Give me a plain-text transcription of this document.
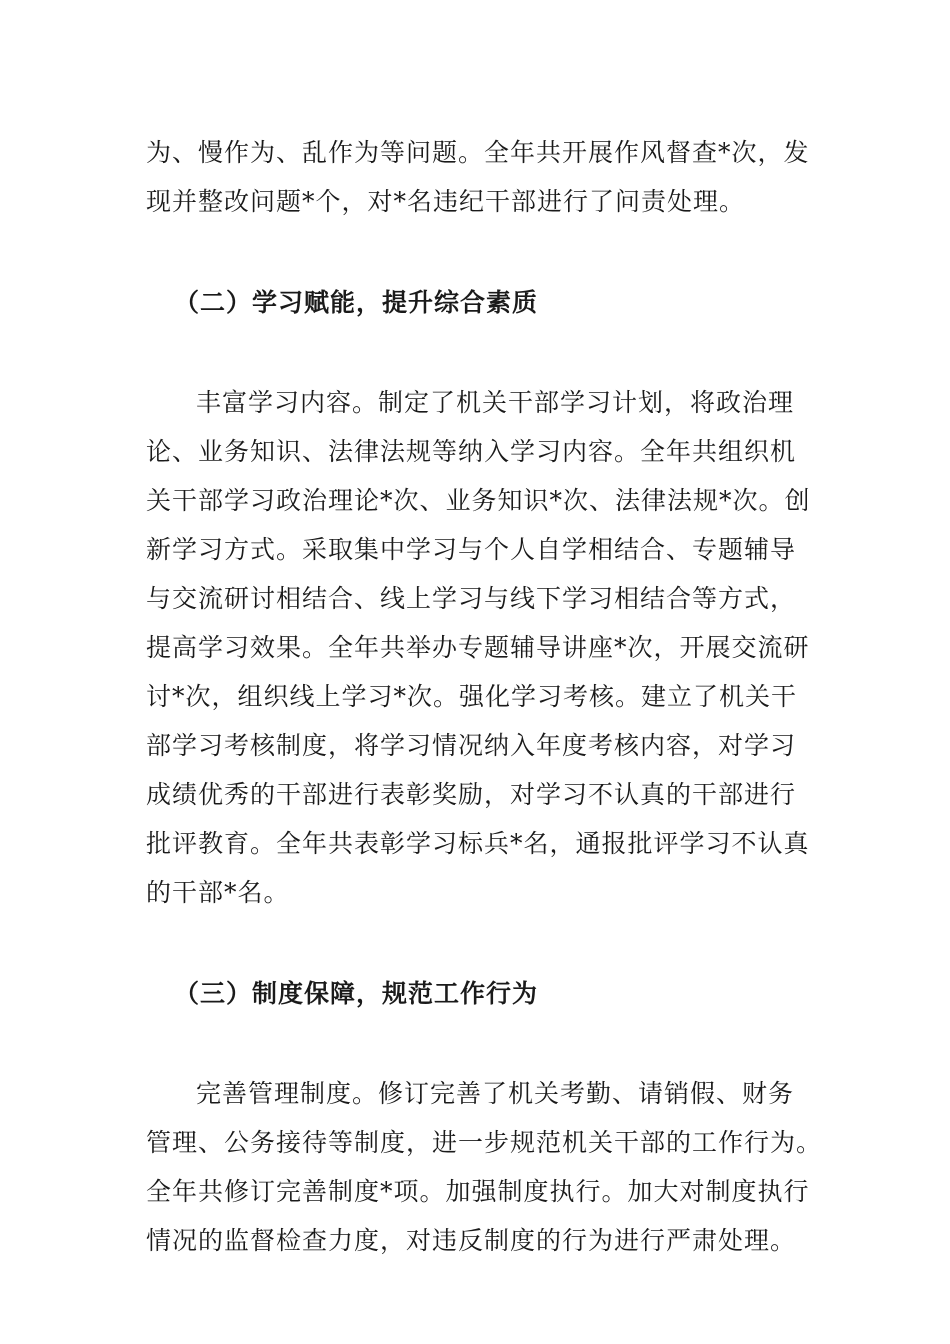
为、慢作为、乱作为等问题。全年共开展作风督查*次，发
现并整改问题*个，对*名违纪干部进行了问责处理。
（二）学习赋能，提升综合素质
丰富学习内容。制定了机关干部学习计划，将政治理
论、业务知识、法律法规等纳入学习内容。全年共组织机
关干部学习政治理论*次、业务知识*次、法律法规*次。创
新学习方式。采取集中学习与个人自学相结合、专题辅导
与交流研讨相结合、线上学习与线下学习相结合等方式，
提高学习效果。全年共举办专题辅导讲座*次，开展交流研
讨*次，组织线上学习*次。强化学习考核。建立了机关干
部学习考核制度，将学习情况纳入年度考核内容，对学习
成绩优秀的干部进行表彰奖励，对学习不认真的干部进行
批评教育。全年共表彰学习标兵*名，通报批评学习不认真
的干部*名。
（三）制度保障，规范工作行为
完善管理制度。修订完善了机关考勤、请销假、财务
管理、公务接待等制度，进一步规范机关干部的工作行为。
全年共修订完善制度*项。加强制度执行。加大对制度执行
情况的监督检查力度，对违反制度的行为进行严肃处理。
